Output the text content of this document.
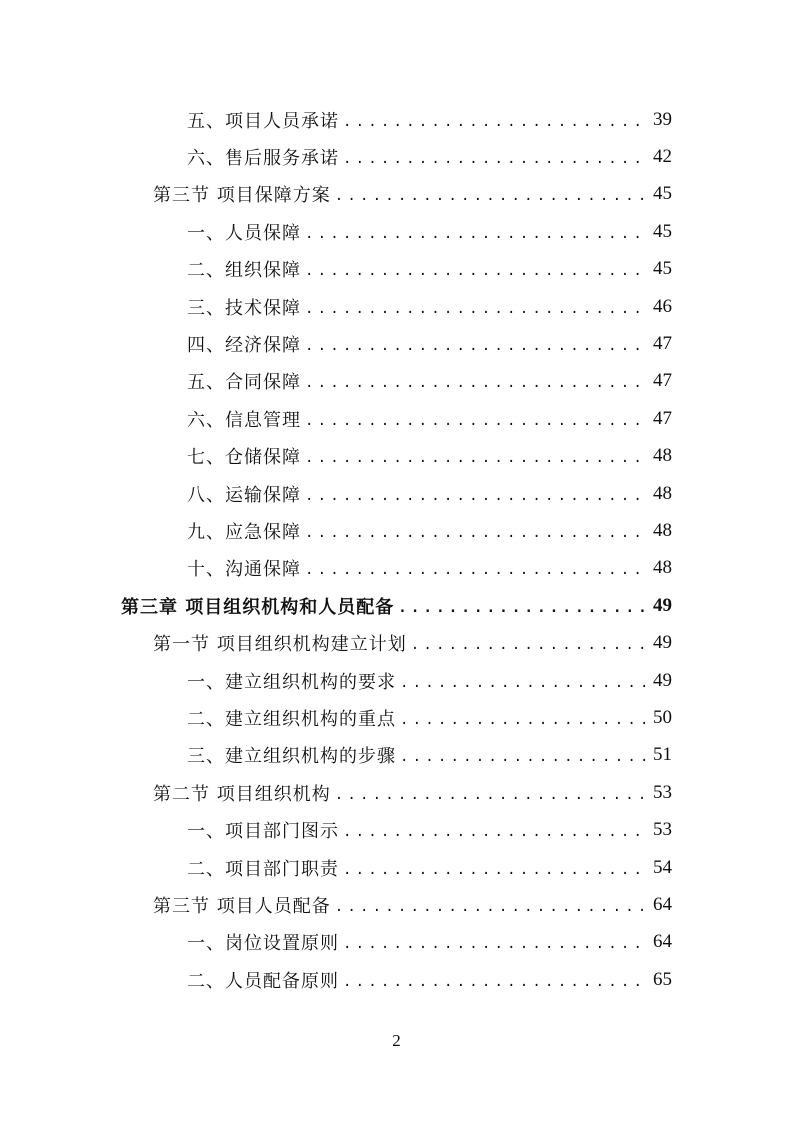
五、项目人员承诺 .....	39
六、售后服务承诺 .....	42
第三节 项目保障方案 .....	45
一、人员保障 .....	45
二、组织保障 .....	45
三、技术保障 .....	46
四、经济保障 .....	47
五、合同保障 .....	47
六、信息管理 .....	47
七、仓储保障 .....	48
八、运输保障 .....	48
九、应急保障 .....	48
十、沟通保障 .....	48
第三章 项目组织机构和人员配备 .....	49
第一节 项目组织机构建立计划 .....	49
一、建立组织机构的要求 .....	49
二、建立组织机构的重点 .....	50
三、建立组织机构的步骤 .....	51
第二节 项目组织机构 .....	53
一、项目部门图示 .....	53
二、项目部门职责 .....	54
第三节 项目人员配备 .....	64
一、岗位设置原则 .....	64
二、人员配备原则 .....	65
2
